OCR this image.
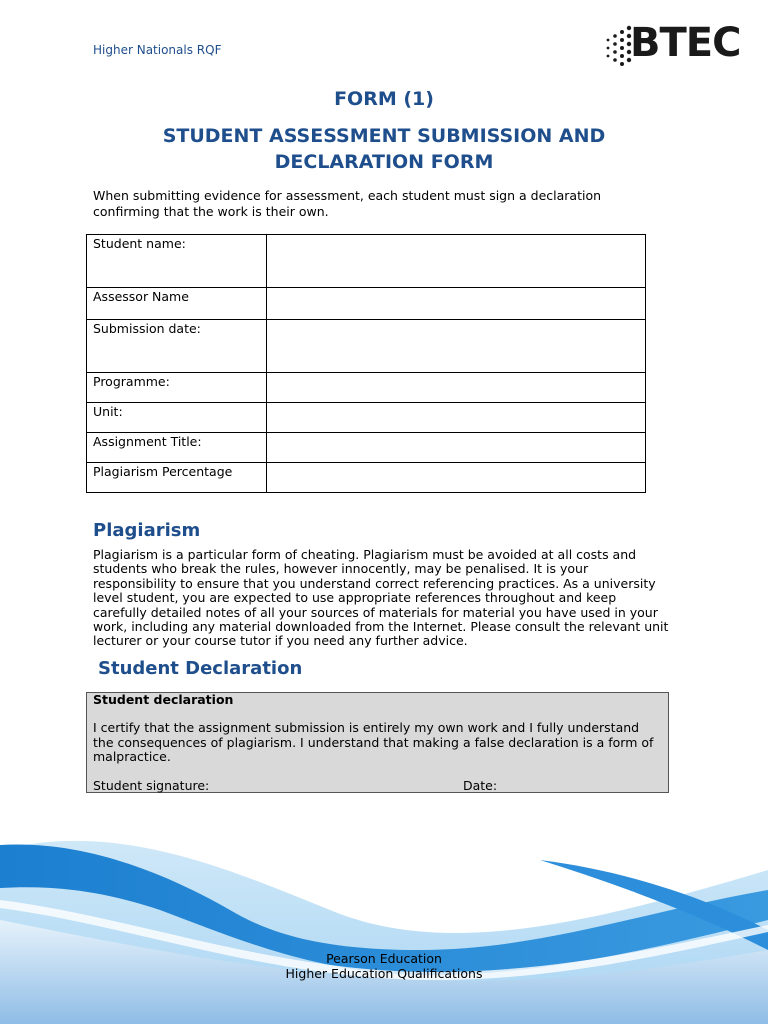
Higher Nationals RQF	BTEC
FORM (1)
STUDENT ASSESSMENT SUBMISSION AND DECLARATION FORM
When submitting evidence for assessment, each student must sign a declaration confirming that the work is their own.
Student name:	
Assessor Name	
Submission date:	
Programme:	
Unit:	
Assignment Title:	
Plagiarism Percentage	
Plagiarism
Plagiarism is a particular form of cheating. Plagiarism must be avoided at all costs and students who break the rules, however innocently, may be penalised. It is your responsibility to ensure that you understand correct referencing practices. As a university level student, you are expected to use appropriate references throughout and keep carefully detailed notes of all your sources of materials for material you have used in your work, including any material downloaded from the Internet. Please consult the relevant unit lecturer or your course tutor if you need any further advice.
Student Declaration
Student declaration
I certify that the assignment submission is entirely my own work and I fully understand the consequences of plagiarism. I understand that making a false declaration is a form of malpractice.
Student signature:	Date:
Pearson Education
Higher Education Qualifications
